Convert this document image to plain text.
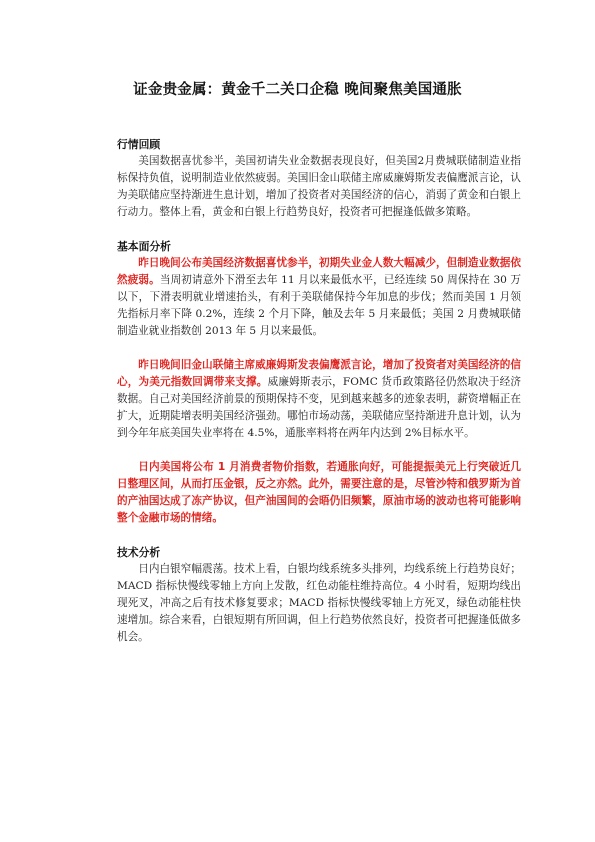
证金贵金属：黄金千二关口企稳 晚间聚焦美国通胀

行情回顾

美国数据喜忧参半，美国初请失业金数据表现良好，但美国2月费城联储制造业指标保持负值，说明制造业依然疲弱。美国旧金山联储主席威廉姆斯发表偏鹰派言论，认为美联储应坚持渐进生息计划，增加了投资者对美国经济的信心，消弱了黄金和白银上行动力。整体上看，黄金和白银上行趋势良好，投资者可把握逢低做多策略。

基本面分析

昨日晚间公布美国经济数据喜忧参半，初期失业金人数大幅减少，但制造业数据依然疲弱。当周初请意外下滑至去年 11 月以来最低水平，已经连续 50 周保持在 30 万以下，下滑表明就业增速抬头，有利于美联储保持今年加息的步伐；然而美国 1 月领先指标月率下降 0.2%，连续 2 个月下降，触及去年 5 月来最低；美国 2 月费城联储制造业就业指数创 2013 年 5 月以来最低。

昨日晚间旧金山联储主席威廉姆斯发表偏鹰派言论，增加了投资者对美国经济的信心，为美元指数回调带来支撑。威廉姆斯表示，FOMC 货币政策路径仍然取决于经济数据。自己对美国经济前景的预期保持不变，见到越来越多的迹象表明，薪资增幅正在扩大，近期陡增表明美国经济强劲。哪怕市场动荡，美联储应坚持渐进升息计划，认为到今年年底美国失业率将在 4.5%，通胀率料将在两年内达到 2%目标水平。

日内美国将公布 1 月消费者物价指数，若通胀向好，可能提振美元上行突破近几日整理区间，从而打压金银，反之亦然。此外，需要注意的是，尽管沙特和俄罗斯为首的产油国达成了冻产协议，但产油国间的会晤仍旧频繁，原油市场的波动也将可能影响整个金融市场的情绪。

技术分析

日内白银窄幅震荡。技术上看，白银均线系统多头排列，均线系统上行趋势良好；MACD 指标快慢线零轴上方向上发散，红色动能柱维持高位。4 小时看，短期均线出现死叉，冲高之后有技术修复要求；MACD 指标快慢线零轴上方死叉，绿色动能柱快速增加。综合来看，白银短期有所回调，但上行趋势依然良好，投资者可把握逢低做多机会。
